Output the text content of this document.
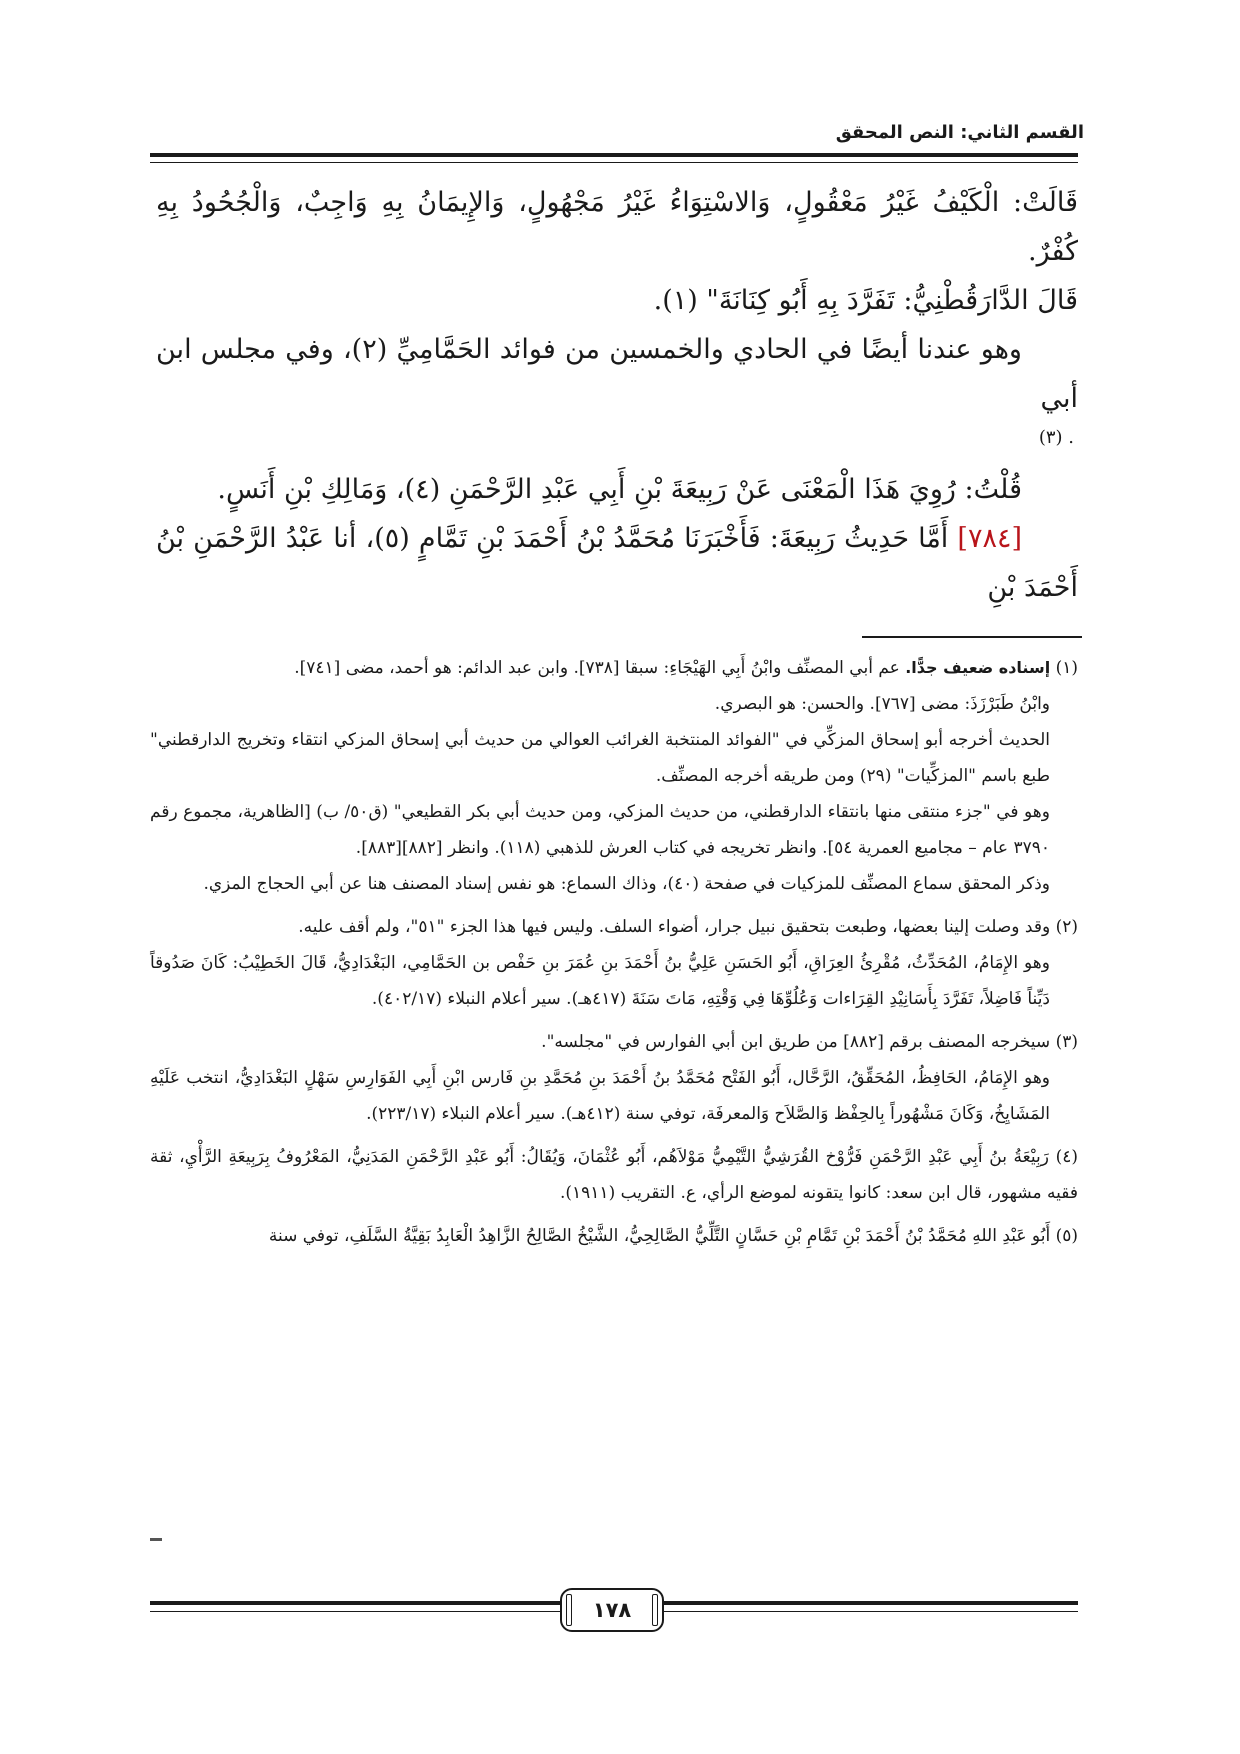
القسم الثاني: النص المحقق

قَالَتْ: الْكَيْفُ غَيْرُ مَعْقُولٍ، وَالاسْتِوَاءُ غَيْرُ مَجْهُولٍ، وَالإِيمَانُ بِهِ وَاجِبٌ، وَالْجُحُودُ بِهِ كُفْرٌ.

قَالَ الدَّارَقُطْنِيُّ: تَفَرَّدَ بِهِ أَبُو كِنَانَةَ" (١).

وهو عندنا أيضًا في الحادي والخمسين من فوائد الحَمَّامِيِّ (٢)، وفي مجلس ابن أبي

. (٣)

قُلْتُ: رُوِيَ هَذَا الْمَعْنَى عَنْ رَبِيعَةَ بْنِ أَبِي عَبْدِ الرَّحْمَنِ (٤)، وَمَالِكِ بْنِ أَنَسٍ.

[٧٨٤] أَمَّا حَدِيثُ رَبِيعَةَ: فَأَخْبَرَنَا مُحَمَّدُ بْنُ أَحْمَدَ بْنِ تَمَّامٍ (٥)، أنا عَبْدُ الرَّحْمَنِ بْنُ أَحْمَدَ بْنِ

(١) إسناده ضعيف جدًّا. عم أبي المصنِّف وابْنُ أَبِي الهَيْجَاءِ: سبقا [٧٣٨]. وابن عبد الدائم: هو أحمد، مضى [٧٤١].

وابْنُ طَبَرْزَذَ: مضى [٧٦٧]. والحسن: هو البصري.

الحديث أخرجه أبو إسحاق المزكِّي في "الفوائد المنتخبة الغرائب العوالي من حديث أبي إسحاق المزكي انتقاء وتخريج الدارقطني" طبع باسم "المزكِّيات" (٢٩) ومن طريقه أخرجه المصنِّف.

وهو في "جزء منتقى منها بانتقاء الدارقطني، من حديث المزكي، ومن حديث أبي بكر القطيعي" (ق٥٠/ ب) [الظاهرية، مجموع رقم ٣٧٩٠ عام – مجاميع العمرية ٥٤]. وانظر تخريجه في كتاب العرش للذهبي (١١٨). وانظر [٨٨٢][٨٨٣].

وذكر المحقق سماع المصنِّف للمزكيات في صفحة (٤٠)، وذاك السماع: هو نفس إسناد المصنف هنا عن أبي الحجاج المزي.

(٢) وقد وصلت إلينا بعضها، وطبعت بتحقيق نبيل جرار، أضواء السلف. وليس فيها هذا الجزء "٥١"، ولم أقف عليه.

وهو الإِمَامُ، المُحَدِّثُ، مُقْرِئُ العِرَاقِ، أَبُو الحَسَنِ عَلِيُّ بنُ أَحْمَدَ بنِ عُمَرَ بنِ حَفْص بن الحَمَّامِي، البَغْدَادِيُّ، قَالَ الخَطِيْبُ: كَانَ صَدُوقاً دَيِّناً فَاضِلاً، تَفَرَّدَ بِأَسَانِيْدِ القِرَاءات وَعُلُوِّهَا فِي وَقْتِهِ، مَاتَ سَنَةَ (٤١٧هـ). سير أعلام النبلاء (٤٠٢/١٧).

(٣) سيخرجه المصنف برقم [٨٨٢] من طريق ابن أبي الفوارس في "مجلسه".

وهو الإِمَامُ، الحَافِظُ، المُحَقِّقُ، الرَّحَّال، أَبُو الفَتْح مُحَمَّدُ بنُ أَحْمَدَ بنِ مُحَمَّدِ بنِ فَارس ابْنِ أَبِي الفَوَارِسِ سَهْلٍ البَغْدَادِيُّ، انتخب عَلَيْهِ المَشَايِخُ، وَكَانَ مَشْهُوراً بِالحِفْظ وَالصَّلاَح وَالمعرفَة، توفي سنة (٤١٢هـ). سير أعلام النبلاء (٢٢٣/١٧).

(٤) رَبِيْعَةُ بنُ أَبِي عَبْدِ الرَّحْمَنِ فَرُّوْخ القُرَشِيُّ التَّيْمِيُّ مَوْلاَهُم، أَبُو عُثْمَانَ، وَيُقَالُ: أَبُو عَبْدِ الرَّحْمَنِ المَدَنِيُّ، المَعْرُوفُ بِرَبِيعَةِ الرَّأْيِ، ثقة فقيه مشهور، قال ابن سعد: كانوا يتقونه لموضع الرأي، ع. التقريب (١٩١١).

(٥) أَبُو عَبْدِ اللهِ مُحَمَّدُ بْنُ أَحْمَدَ بْنِ تَمَّامِ بْنِ حَسَّانٍ التَّلِّيُّ الصَّالِحِيُّ، الشَّيْخُ الصَّالِحُ الزَّاهِدُ الْعَابِدُ بَقِيَّةُ السَّلَفِ، توفي سنة

١٧٨
